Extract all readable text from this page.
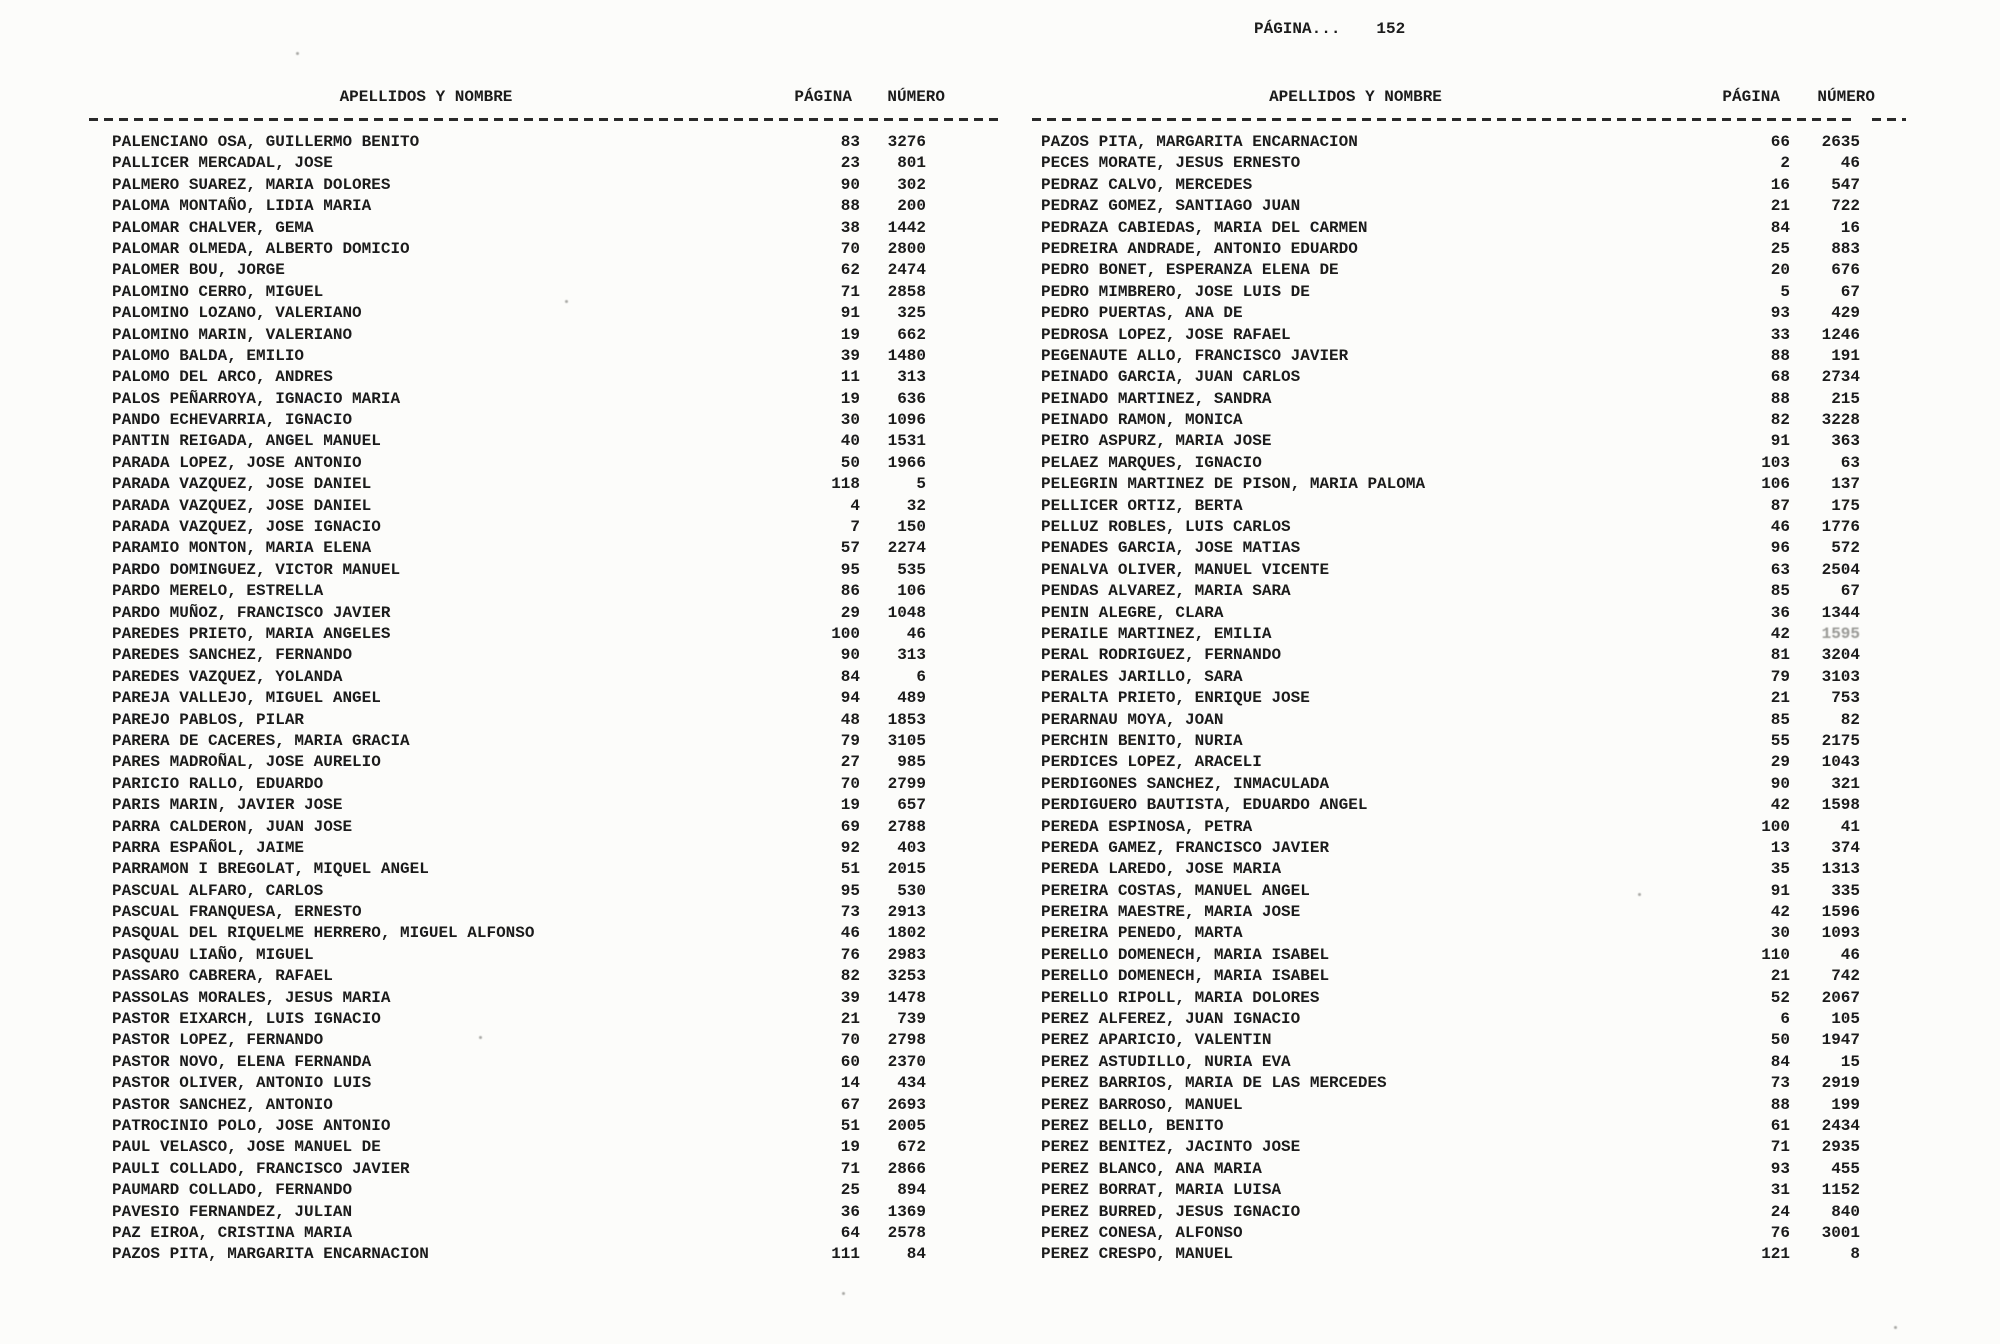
PÁGINA... 152
APELLIDOS Y NOMBRE	PÁGINA	NÚMERO
PALENCIANO OSA, GUILLERMO BENITO	83	3276
PALLICER MERCADAL, JOSE	23	801
PALMERO SUAREZ, MARIA DOLORES	90	302
PALOMA MONTAÑO, LIDIA MARIA	88	200
PALOMAR CHALVER, GEMA	38	1442
PALOMAR OLMEDA, ALBERTO DOMICIO	70	2800
PALOMER BOU, JORGE	62	2474
PALOMINO CERRO, MIGUEL	71	2858
PALOMINO LOZANO, VALERIANO	91	325
PALOMINO MARIN, VALERIANO	19	662
PALOMO BALDA, EMILIO	39	1480
PALOMO DEL ARCO, ANDRES	11	313
PALOS PEÑARROYA, IGNACIO MARIA	19	636
PANDO ECHEVARRIA, IGNACIO	30	1096
PANTIN REIGADA, ANGEL MANUEL	40	1531
PARADA LOPEZ, JOSE ANTONIO	50	1966
PARADA VAZQUEZ, JOSE DANIEL	118	5
PARADA VAZQUEZ, JOSE DANIEL	4	32
PARADA VAZQUEZ, JOSE IGNACIO	7	150
PARAMIO MONTON, MARIA ELENA	57	2274
PARDO DOMINGUEZ, VICTOR MANUEL	95	535
PARDO MERELO, ESTRELLA	86	106
PARDO MUÑOZ, FRANCISCO JAVIER	29	1048
PAREDES PRIETO, MARIA ANGELES	100	46
PAREDES SANCHEZ, FERNANDO	90	313
PAREDES VAZQUEZ, YOLANDA	84	6
PAREJA VALLEJO, MIGUEL ANGEL	94	489
PAREJO PABLOS, PILAR	48	1853
PARERA DE CACERES, MARIA GRACIA	79	3105
PARES MADROÑAL, JOSE AURELIO	27	985
PARICIO RALLO, EDUARDO	70	2799
PARIS MARIN, JAVIER JOSE	19	657
PARRA CALDERON, JUAN JOSE	69	2788
PARRA ESPAÑOL, JAIME	92	403
PARRAMON I BREGOLAT, MIQUEL ANGEL	51	2015
PASCUAL ALFARO, CARLOS	95	530
PASCUAL FRANQUESA, ERNESTO	73	2913
PASQUAL DEL RIQUELME HERRERO, MIGUEL ALFONSO	46	1802
PASQUAU LIAÑO, MIGUEL	76	2983
PASSARO CABRERA, RAFAEL	82	3253
PASSOLAS MORALES, JESUS MARIA	39	1478
PASTOR EIXARCH, LUIS IGNACIO	21	739
PASTOR LOPEZ, FERNANDO	70	2798
PASTOR NOVO, ELENA FERNANDA	60	2370
PASTOR OLIVER, ANTONIO LUIS	14	434
PASTOR SANCHEZ, ANTONIO	67	2693
PATROCINIO POLO, JOSE ANTONIO	51	2005
PAUL VELASCO, JOSE MANUEL DE	19	672
PAULI COLLADO, FRANCISCO JAVIER	71	2866
PAUMARD COLLADO, FERNANDO	25	894
PAVESIO FERNANDEZ, JULIAN	36	1369
PAZ EIROA, CRISTINA MARIA	64	2578
PAZOS PITA, MARGARITA ENCARNACION	111	84
APELLIDOS Y NOMBRE	PÁGINA	NÚMERO
PAZOS PITA, MARGARITA ENCARNACION	66	2635
PECES MORATE, JESUS ERNESTO	2	46
PEDRAZ CALVO, MERCEDES	16	547
PEDRAZ GOMEZ, SANTIAGO JUAN	21	722
PEDRAZA CABIEDAS, MARIA DEL CARMEN	84	16
PEDREIRA ANDRADE, ANTONIO EDUARDO	25	883
PEDRO BONET, ESPERANZA ELENA DE	20	676
PEDRO MIMBRERO, JOSE LUIS DE	5	67
PEDRO PUERTAS, ANA DE	93	429
PEDROSA LOPEZ, JOSE RAFAEL	33	1246
PEGENAUTE ALLO, FRANCISCO JAVIER	88	191
PEINADO GARCIA, JUAN CARLOS	68	2734
PEINADO MARTINEZ, SANDRA	88	215
PEINADO RAMON, MONICA	82	3228
PEIRO ASPURZ, MARIA JOSE	91	363
PELAEZ MARQUES, IGNACIO	103	63
PELEGRIN MARTINEZ DE PISON, MARIA PALOMA	106	137
PELLICER ORTIZ, BERTA	87	175
PELLUZ ROBLES, LUIS CARLOS	46	1776
PENADES GARCIA, JOSE MATIAS	96	572
PENALVA OLIVER, MANUEL VICENTE	63	2504
PENDAS ALVAREZ, MARIA SARA	85	67
PENIN ALEGRE, CLARA	36	1344
PERAILE MARTINEZ, EMILIA	42	1595
PERAL RODRIGUEZ, FERNANDO	81	3204
PERALES JARILLO, SARA	79	3103
PERALTA PRIETO, ENRIQUE JOSE	21	753
PERARNAU MOYA, JOAN	85	82
PERCHIN BENITO, NURIA	55	2175
PERDICES LOPEZ, ARACELI	29	1043
PERDIGONES SANCHEZ, INMACULADA	90	321
PERDIGUERO BAUTISTA, EDUARDO ANGEL	42	1598
PEREDA ESPINOSA, PETRA	100	41
PEREDA GAMEZ, FRANCISCO JAVIER	13	374
PEREDA LAREDO, JOSE MARIA	35	1313
PEREIRA COSTAS, MANUEL ANGEL	91	335
PEREIRA MAESTRE, MARIA JOSE	42	1596
PEREIRA PENEDO, MARTA	30	1093
PERELLO DOMENECH, MARIA ISABEL	110	46
PERELLO DOMENECH, MARIA ISABEL	21	742
PERELLO RIPOLL, MARIA DOLORES	52	2067
PEREZ ALFEREZ, JUAN IGNACIO	6	105
PEREZ APARICIO, VALENTIN	50	1947
PEREZ ASTUDILLO, NURIA EVA	84	15
PEREZ BARRIOS, MARIA DE LAS MERCEDES	73	2919
PEREZ BARROSO, MANUEL	88	199
PEREZ BELLO, BENITO	61	2434
PEREZ BENITEZ, JACINTO JOSE	71	2935
PEREZ BLANCO, ANA MARIA	93	455
PEREZ BORRAT, MARIA LUISA	31	1152
PEREZ BURRED, JESUS IGNACIO	24	840
PEREZ CONESA, ALFONSO	76	3001
PEREZ CRESPO, MANUEL	121	8
